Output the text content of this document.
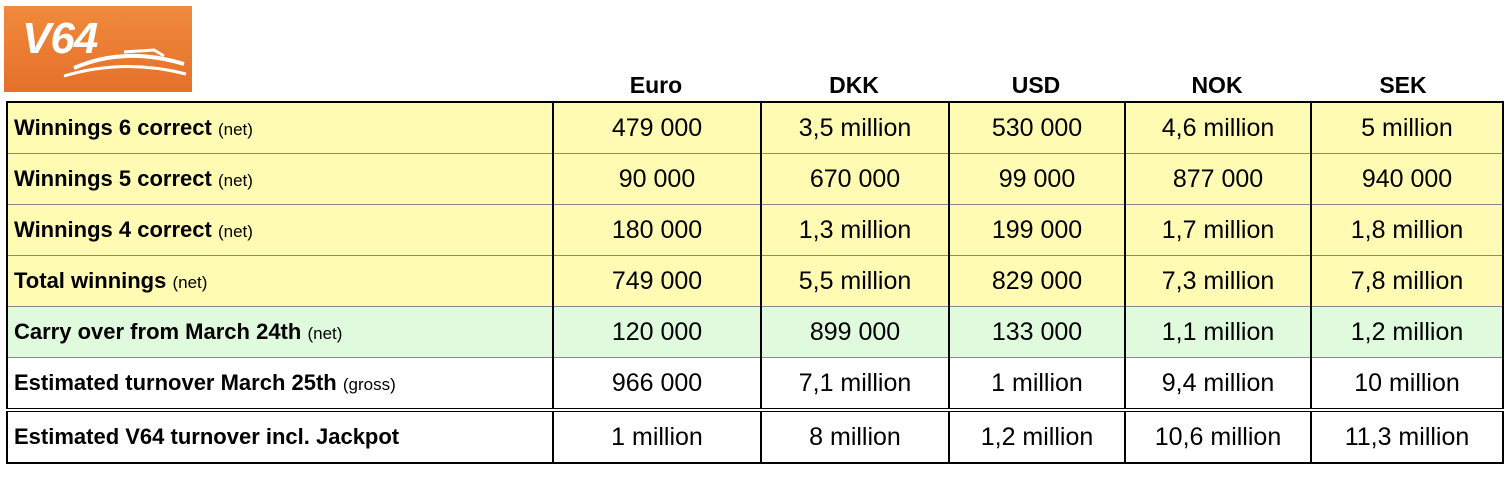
V64
Euro	DKK	USD	NOK	SEK
Winnings 6 correct (net)	479 000	3,5 million	530 000	4,6 million	5 million
Winnings 5 correct (net)	90 000	670 000	99 000	877 000	940 000
Winnings 4 correct (net)	180 000	1,3 million	199 000	1,7 million	1,8 million
Total winnings (net)	749 000	5,5 million	829 000	7,3 million	7,8 million
Carry over from March 24th (net)	120 000	899 000	133 000	1,1 million	1,2 million
Estimated turnover March 25th (gross)	966 000	7,1 million	1 million	9,4 million	10 million
Estimated V64 turnover incl. Jackpot	1 million	8 million	1,2 million	10,6 million	11,3 million
